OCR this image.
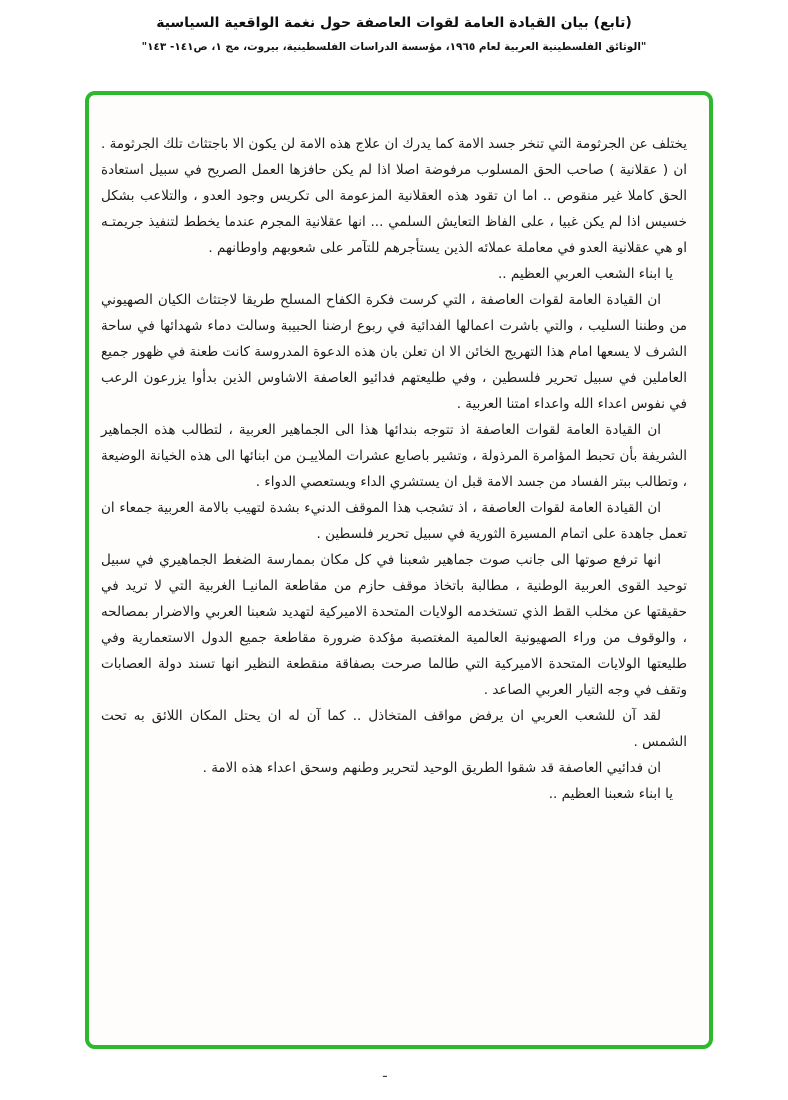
(تابع) بيان القيادة العامة لقوات العاصفة حول نغمة الواقعية السياسية
"الوثائق الفلسطينية العربية لعام ١٩٦٥، مؤسسة الدراسات الفلسطينية، بيروت، مج ١، ص١٤١- ١٤٣"
يختلف عن الجرثومة التي تنخر جسد الامة كما يدرك ان علاج هذه الامة لن يكون الا باجتثاث تلك الجرثومة . ان ( عقلانية ) صاحب الحق المسلوب مرفوضة اصلا اذا لم يكن حافزها العمل الصريح في سبيل استعادة الحق كاملا غير منقوص .. اما ان تقود هذه العقلانية المزعومة الى تكريس وجود العدو ، والتلاعب بشكل خسيس اذا لم يكن غبيا ، على الفاظ التعايش السلمي ... انها عقلانية المجرم عندما يخطط لتنفيذ جريمتـه او هي عقلانية العدو في معاملة عملائه الذين يستأجرهم للتآمر على شعوبهم واوطانهم .
يا ابناء الشعب العربي العظيم ..
ان القيادة العامة لقوات العاصفة ، التي كرست فكرة الكفاح المسلح طريقا لاجتثاث الكيان الصهيوني من وطننا السليب ، والتي باشرت اعمالها الفدائية في ربوع ارضنا الحبيبة وسالت دماء شهدائها في ساحة الشرف لا يسعها امام هذا التهريج الخائن الا ان تعلن بان هذه الدعوة المدروسة كانت طعنة في ظهور جميع العاملين في سبيل تحرير فلسطين ، وفي طليعتهم فدائيو العاصفة الاشاوس الذين بدأوا يزرعون الرعب في نفوس اعداء الله واعداء امتنا العربية .
ان القيادة العامة لقوات العاصفة اذ تتوجه بندائها هذا الى الجماهير العربية ، لتطالب هذه الجماهير الشريفة بأن تحبط المؤامرة المرذولة ، وتشير باصابع عشرات الملاييـن من ابنائها الى هذه الخيانة الوضيعة ، وتطالب ببتر الفساد من جسد الامة قبل ان يستشري الداء ويستعصي الدواء .
ان القيادة العامة لقوات العاصفة ، اذ تشجب هذا الموقف الدنيء بشدة لتهيب بالامة العربية جمعاء ان تعمل جاهدة على اتمام المسيرة الثورية في سبيل تحرير فلسطين .
انها ترفع صوتها الى جانب صوت جماهير شعبنا في كل مكان بممارسة الضغط الجماهيري في سبيل توحيد القوى العربية الوطنية ، مطالبة باتخاذ موقف حازم من مقاطعة المانيـا الغربية التي لا تريد في حقيقتها عن مخلب القط الذي تستخدمه الولايات المتحدة الاميركية لتهديد شعبنا العربي والاضرار بمصالحه ، والوقوف من وراء الصهيونية العالمية المغتصبة مؤكدة ضرورة مقاطعة جميع الدول الاستعمارية وفي طليعتها الولايات المتحدة الاميركية التي طالما صرحت بصفاقة منقطعة النظير انها تسند دولة العصابات وتقف في وجه التيار العربي الصاعد .
لقد آن للشعب العربي ان يرفض مواقف المتخاذل .. كما آن له ان يحتل المكان اللائق به تحت الشمس .
ان فدائيي العاصفة قد شقوا الطريق الوحيد لتحرير وطنهم وسحق اعداء هذه الامة .
يا ابناء شعبنا العظيم ..
ـ
